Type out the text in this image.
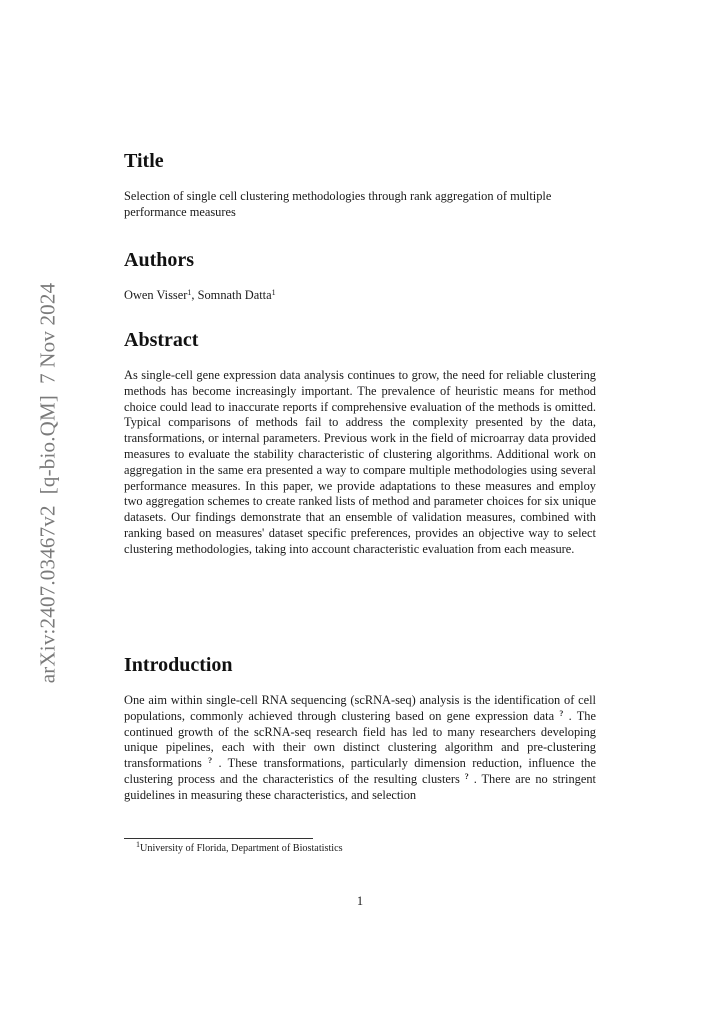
arXiv:2407.03467v2[q-bio.QM]7 Nov 2024
Title

Selection of single cell clustering methodologies through rank aggregation of multiple performance measures

Authors

Owen Visser$^1$, Somnath Datta$^1$

Abstract

As single-cell gene expression data analysis continues to grow, the need for reliable clustering methods has become increasingly important. The prevalence of heuristic means for method choice could lead to inaccurate reports if comprehensive evaluation of the methods is omitted. Typical comparisons of methods fail to address the complexity presented by the data, transformations, or internal parameters. Previous work in the field of microarray data provided measures to evaluate the stability characteristic of clustering algorithms. Additional work on aggregation in the same era presented a way to compare multiple methodologies using several performance measures. In this paper, we provide adaptations to these measures and employ two aggregation schemes to create ranked lists of method and parameter choices for six unique datasets. Our findings demonstrate that an ensemble of validation measures, combined with ranking based on measures' dataset specific preferences, provides an objective way to select clustering methodologies, taking into account characteristic evaluation from each measure.

Introduction

One aim within single-cell RNA sequencing (scRNA-seq) analysis is the identification of cell populations, commonly achieved through clustering based on gene expression data ? . The continued growth of the scRNA-seq research field has led to many researchers developing unique pipelines, each with their own distinct clustering algorithm and pre-clustering transformations ? . These transformations, particularly dimension reduction, influence the clustering process and the characteristics of the resulting clusters ? . There are no stringent guidelines in measuring these characteristics, and selection

$^1$University of Florida, Department of Biostatistics

1
